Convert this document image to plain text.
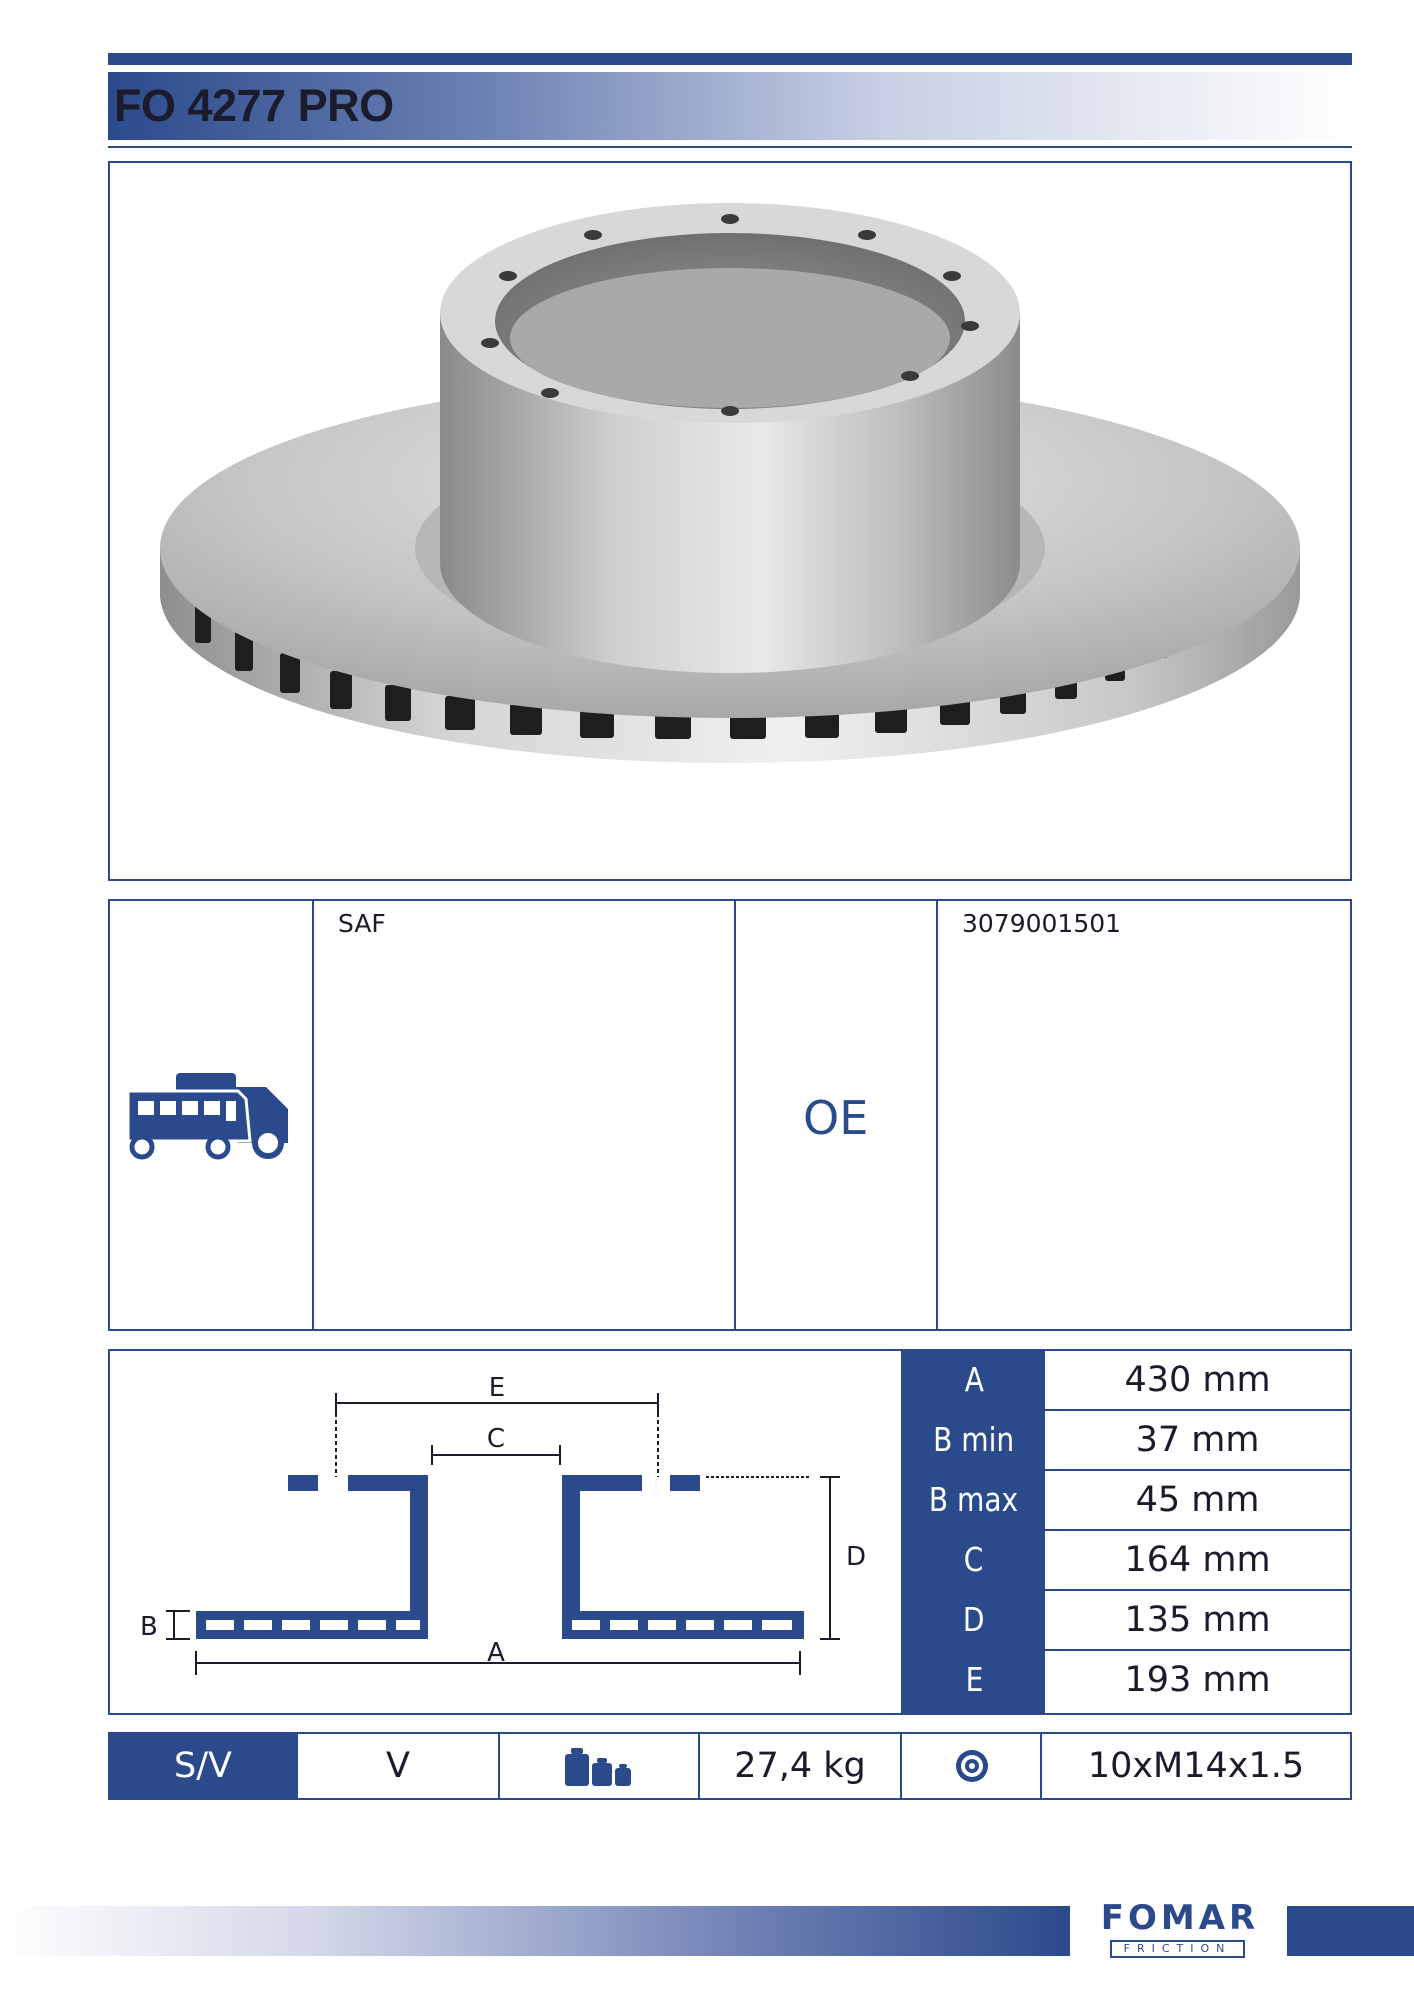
FO 4277 PRO
SAF
OE
3079001501
E
C
D
A
B
A	430 mm
B min	37 mm
B max	45 mm
C	164 mm
D	135 mm
E	193 mm
S/V	V	27,4 kg	10xM14x1.5
FOMAR
FRICTION
